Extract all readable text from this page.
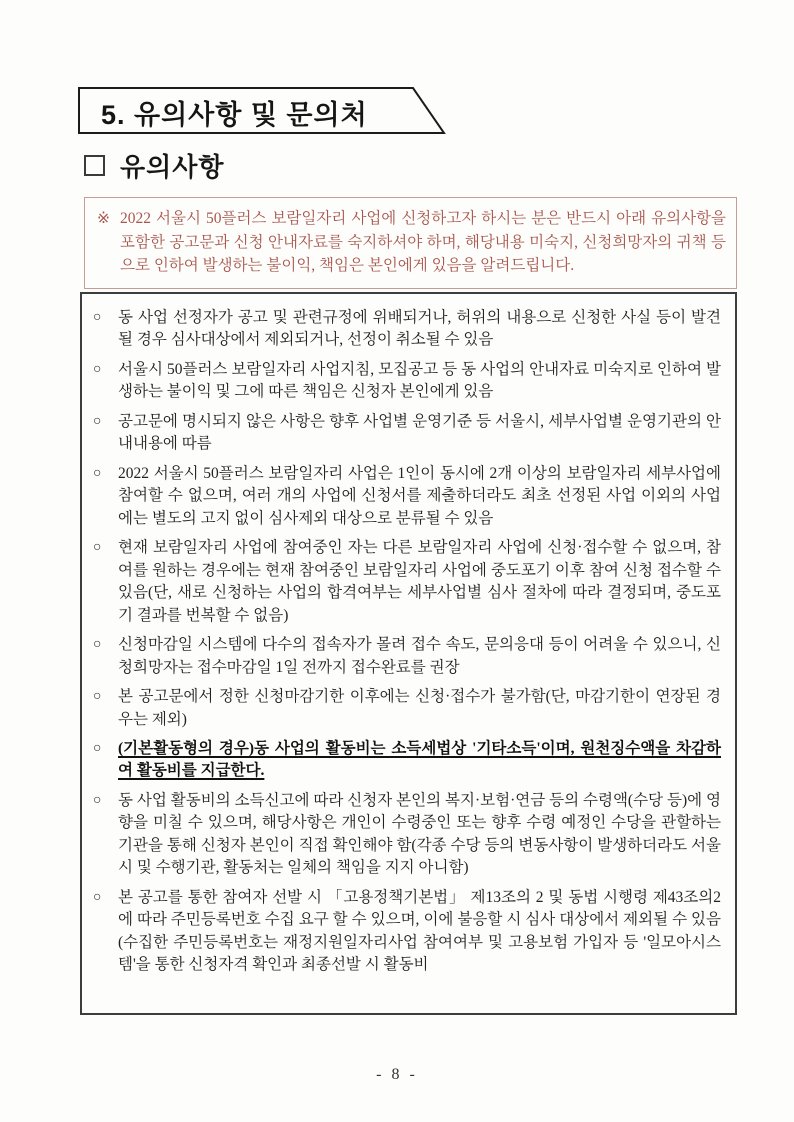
5. 유의사항 및 문의처
유의사항
※ 2022 서울시 50플러스 보람일자리 사업에 신청하고자 하시는 분은 반드시 아래 유의사항을 포함한 공고문과 신청 안내자료를 숙지하셔야 하며, 해당내용 미숙지, 신청희망자의 귀책 등으로 인하여 발생하는 불이익, 책임은 본인에게 있음을 알려드립니다.
○	동 사업 선정자가 공고 및 관련규정에 위배되거나, 허위의 내용으로 신청한 사실 등이 발견될 경우 심사대상에서 제외되거나, 선정이 취소될 수 있음
○	서울시 50플러스 보람일자리 사업지침, 모집공고 등 동 사업의 안내자료 미숙지로 인하여 발생하는 불이익 및 그에 따른 책임은 신청자 본인에게 있음
○	공고문에 명시되지 않은 사항은 향후 사업별 운영기준 등 서울시, 세부사업별 운영기관의 안내내용에 따름
○	2022 서울시 50플러스 보람일자리 사업은 1인이 동시에 2개 이상의 보람일자리 세부사업에 참여할 수 없으며, 여러 개의 사업에 신청서를 제출하더라도 최초 선정된 사업 이외의 사업에는 별도의 고지 없이 심사제외 대상으로 분류될 수 있음
○	현재 보람일자리 사업에 참여중인 자는 다른 보람일자리 사업에 신청·접수할 수 없으며, 참여를 원하는 경우에는 현재 참여중인 보람일자리 사업에 중도포기 이후 참여 신청 접수할 수 있음(단, 새로 신청하는 사업의 합격여부는 세부사업별 심사 절차에 따라 결정되며, 중도포기 결과를 번복할 수 없음)
○	신청마감일 시스템에 다수의 접속자가 몰려 접수 속도, 문의응대 등이 어려울 수 있으니, 신청희망자는 접수마감일 1일 전까지 접수완료를 권장
○	본 공고문에서 정한 신청마감기한 이후에는 신청·접수가 불가함(단, 마감기한이 연장된 경우는 제외)
○	(기본활동형의 경우)동 사업의 활동비는 소득세법상 '기타소득'이며, 원천징수액을 차감하여 활동비를 지급한다.
○	동 사업 활동비의 소득신고에 따라 신청자 본인의 복지·보험·연금 등의 수령액(수당 등)에 영향을 미칠 수 있으며, 해당사항은 개인이 수령중인 또는 향후 수령 예정인 수당을 관할하는 기관을 통해 신청자 본인이 직접 확인해야 함(각종 수당 등의 변동사항이 발생하더라도 서울시 및 수행기관, 활동처는 일체의 책임을 지지 아니함)
○	본 공고를 통한 참여자 선발 시 「고용정책기본법」 제13조의 2 및 동법 시행령 제43조의2에 따라 주민등록번호 수집 요구 할 수 있으며, 이에 불응할 시 심사 대상에서 제외될 수 있음(수집한 주민등록번호는 재정지원일자리사업 참여여부 및 고용보험 가입자 등 '일모아시스템'을 통한 신청자격 확인과 최종선발 시 활동비
- 8 -
